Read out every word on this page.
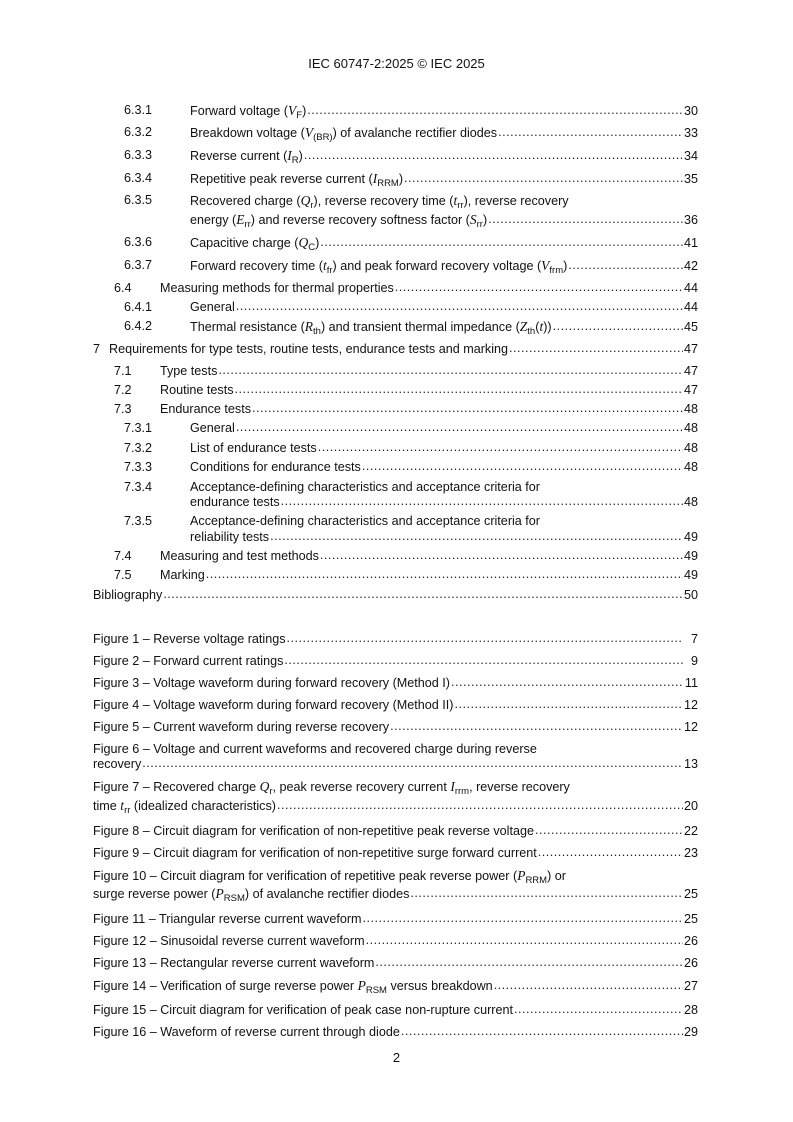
IEC 60747-2:2025 © IEC 2025
6.3.1	Forward voltage $(V_F)$ .....	30
6.3.2	Breakdown voltage $(V_{(BR)})$ of avalanche rectifier diodes .....	33
6.3.3	Reverse current $(I_R)$ .....	34
6.3.4	Repetitive peak reverse current $(I_{RRM})$ .....	35
6.3.5	Recovered charge $(Q_r)$, reverse recovery time $(t_{rr})$, reverse recovery
energy $(E_{rr})$ and reverse recovery softness factor $(S_{rr})$ .....	36
6.3.6	Capacitive charge $(Q_C)$ .....	41
6.3.7	Forward recovery time $(t_{fr})$ and peak forward recovery voltage $(V_{frm})$ .....	42
6.4 Measuring methods for thermal properties .....	44
6.4.1	General .....	44
6.4.2	Thermal resistance $(R_{th})$ and transient thermal impedance $(Z_{th}(t))$ .....	45
7 Requirements for type tests, routine tests, endurance tests and marking .....	47
7.1 Type tests .....	47
7.2 Routine tests .....	47
7.3 Endurance tests .....	48
7.3.1	General .....	48
7.3.2	List of endurance tests .....	48
7.3.3	Conditions for endurance tests .....	48
7.3.4	Acceptance-defining characteristics and acceptance criteria for
endurance tests .....	48
7.3.5	Acceptance-defining characteristics and acceptance criteria for
reliability tests .....	49
7.4 Measuring and test methods .....	49
7.5 Marking .....	49
Bibliography .....	50
Figure 1 – Reverse voltage ratings .....	7
Figure 2 – Forward current ratings .....	9
Figure 3 – Voltage waveform during forward recovery (Method I) .....	11
Figure 4 – Voltage waveform during forward recovery (Method II) .....	12
Figure 5 – Current waveform during reverse recovery .....	12
Figure 6 – Voltage and current waveforms and recovered charge during reverse
recovery .....	13
Figure 7 – Recovered charge $Q_r$, peak reverse recovery current $I_{rrm}$, reverse recovery
time $t_{rr}$ (idealized characteristics) .....	20
Figure 8 – Circuit diagram for verification of non-repetitive peak reverse voltage .....	22
Figure 9 – Circuit diagram for verification of non-repetitive surge forward current .....	23
Figure 10 – Circuit diagram for verification of repetitive peak reverse power $(P_{RRM})$ or
surge reverse power $(P_{RSM})$ of avalanche rectifier diodes .....	25
Figure 11 – Triangular reverse current waveform .....	25
Figure 12 – Sinusoidal reverse current waveform .....	26
Figure 13 – Rectangular reverse current waveform .....	26
Figure 14 – Verification of surge reverse power $P_{RSM}$ versus breakdown .....	27
Figure 15 – Circuit diagram for verification of peak case non-rupture current .....	28
Figure 16 – Waveform of reverse current through diode .....	29
2
